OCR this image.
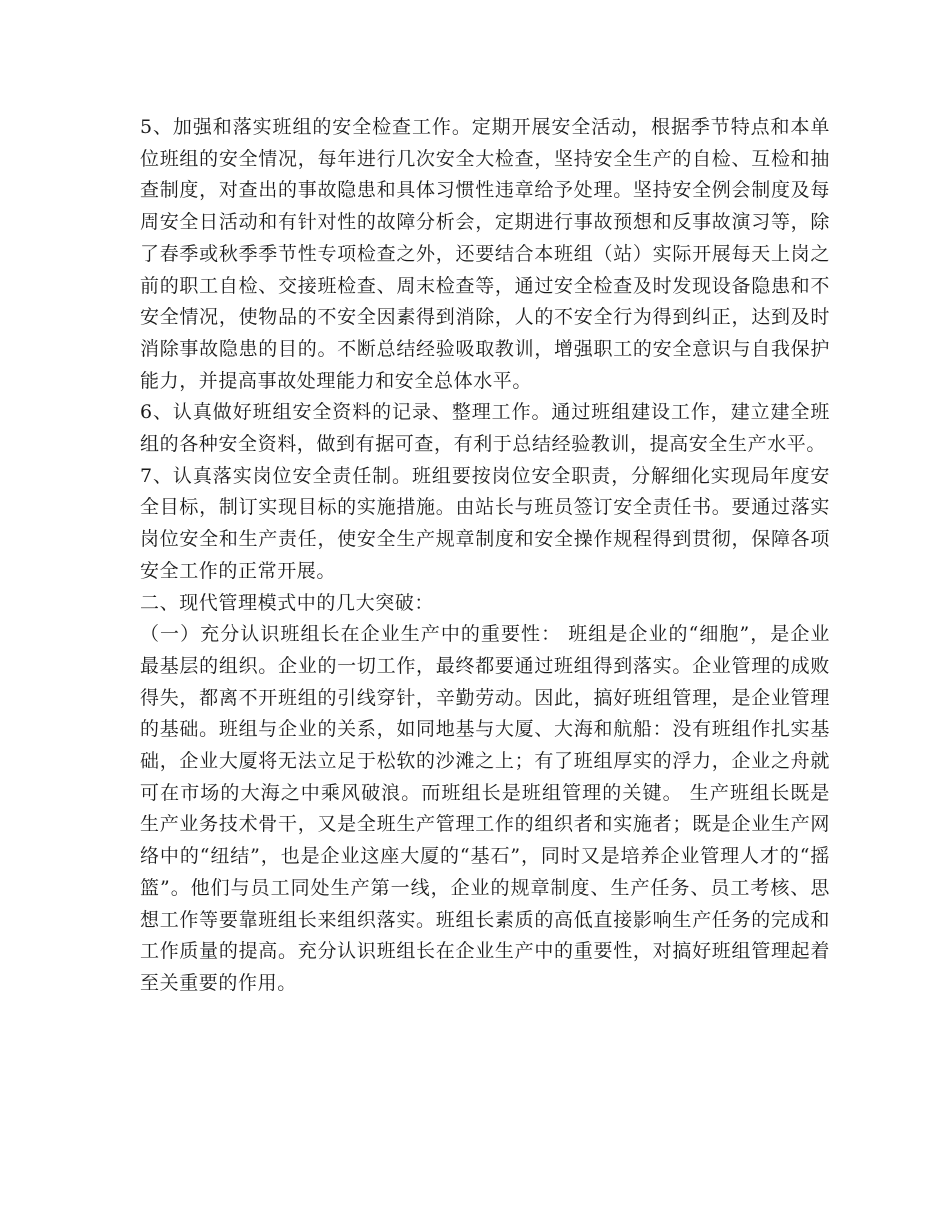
5、加强和落实班组的安全检查工作。定期开展安全活动，根据季节特点和本单位班组的安全情况，每年进行几次安全大检查，坚持安全生产的自检、互检和抽查制度，对查出的事故隐患和具体习惯性违章给予处理。坚持安全例会制度及每周安全日活动和有针对性的故障分析会，定期进行事故预想和反事故演习等，除了春季或秋季季节性专项检查之外，还要结合本班组（站）实际开展每天上岗之前的职工自检、交接班检查、周末检查等，通过安全检查及时发现设备隐患和不安全情况，使物品的不安全因素得到消除，人的不安全行为得到纠正，达到及时消除事故隐患的目的。不断总结经验吸取教训，增强职工的安全意识与自我保护能力，并提高事故处理能力和安全总体水平。

6、认真做好班组安全资料的记录、整理工作。通过班组建设工作，建立建全班组的各种安全资料，做到有据可查，有利于总结经验教训，提高安全生产水平。

7、认真落实岗位安全责任制。班组要按岗位安全职责，分解细化实现局年度安全目标，制订实现目标的实施措施。由站长与班员签订安全责任书。要通过落实岗位安全和生产责任，使安全生产规章制度和安全操作规程得到贯彻，保障各项安全工作的正常开展。

二、现代管理模式中的几大突破：

（一）充分认识班组长在企业生产中的重要性： 班组是企业的“细胞”，是企业最基层的组织。企业的一切工作，最终都要通过班组得到落实。企业管理的成败得失，都离不开班组的引线穿针，辛勤劳动。因此，搞好班组管理，是企业管理的基础。班组与企业的关系，如同地基与大厦、大海和航船：没有班组作扎实基础，企业大厦将无法立足于松软的沙滩之上；有了班组厚实的浮力，企业之舟就可在市场的大海之中乘风破浪。而班组长是班组管理的关键。 生产班组长既是生产业务技术骨干，又是全班生产管理工作的组织者和实施者；既是企业生产网络中的“纽结”，也是企业这座大厦的“基石”，同时又是培养企业管理人才的“摇篮”。他们与员工同处生产第一线，企业的规章制度、生产任务、员工考核、思想工作等要靠班组长来组织落实。班组长素质的高低直接影响生产任务的完成和工作质量的提高。充分认识班组长在企业生产中的重要性，对搞好班组管理起着至关重要的作用。
